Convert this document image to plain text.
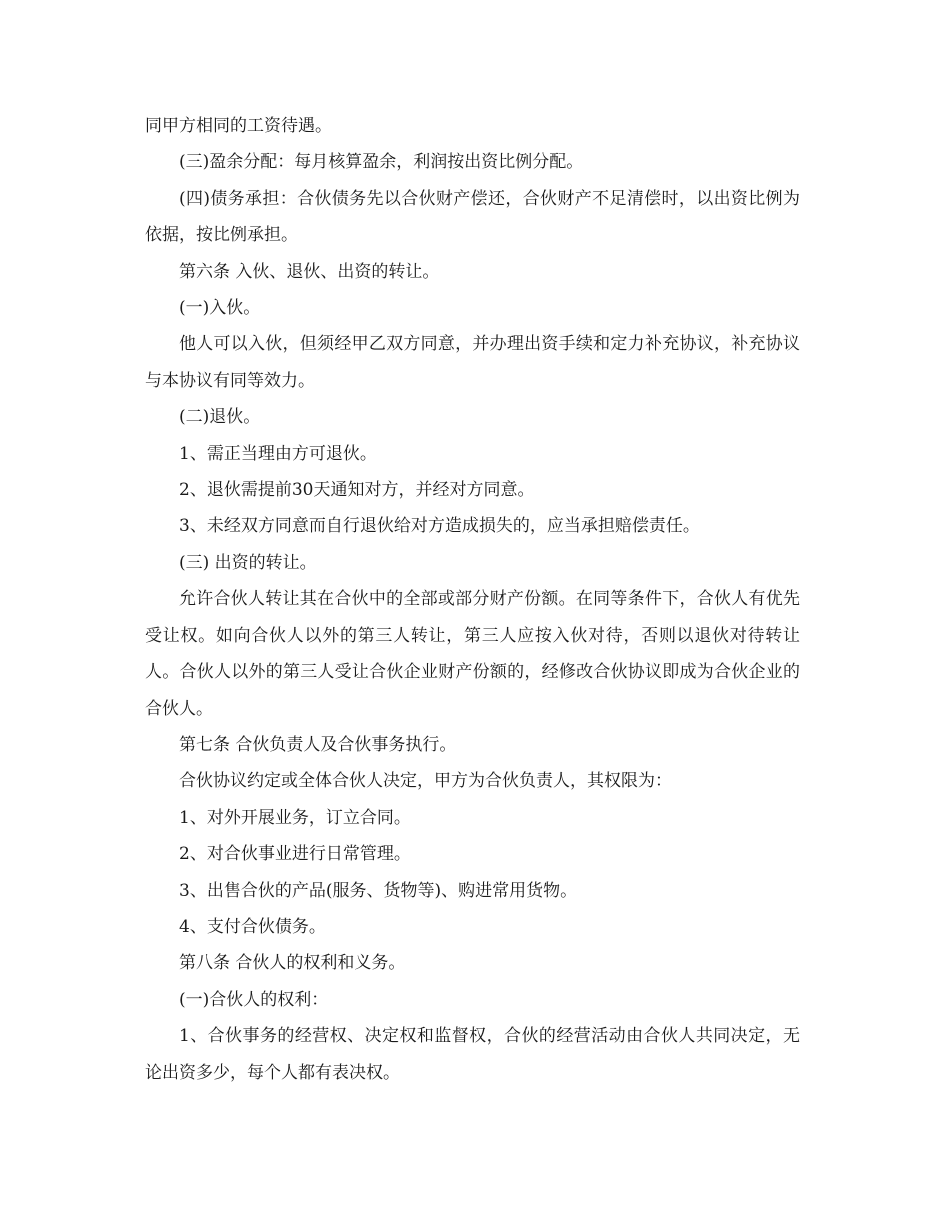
同甲方相同的工资待遇。

(三)盈余分配：每月核算盈余，利润按出资比例分配。

(四)债务承担：合伙债务先以合伙财产偿还，合伙财产不足清偿时，以出资比例为依据，按比例承担。

第六条 入伙、退伙、出资的转让。

(一)入伙。

他人可以入伙，但须经甲乙双方同意，并办理出资手续和定力补充协议，补充协议与本协议有同等效力。

(二)退伙。

1、需正当理由方可退伙。

2、退伙需提前30天通知对方，并经对方同意。

3、未经双方同意而自行退伙给对方造成损失的，应当承担赔偿责任。

(三) 出资的转让。

允许合伙人转让其在合伙中的全部或部分财产份额。在同等条件下，合伙人有优先受让权。如向合伙人以外的第三人转让，第三人应按入伙对待，否则以退伙对待转让人。合伙人以外的第三人受让合伙企业财产份额的，经修改合伙协议即成为合伙企业的合伙人。

第七条 合伙负责人及合伙事务执行。

合伙协议约定或全体合伙人决定，甲方为合伙负责人，其权限为：

1、对外开展业务，订立合同。

2、对合伙事业进行日常管理。

3、出售合伙的产品(服务、货物等)、购进常用货物。

4、支付合伙债务。

第八条 合伙人的权利和义务。

(一)合伙人的权利：

1、合伙事务的经营权、决定权和监督权，合伙的经营活动由合伙人共同决定，无论出资多少，每个人都有表决权。
